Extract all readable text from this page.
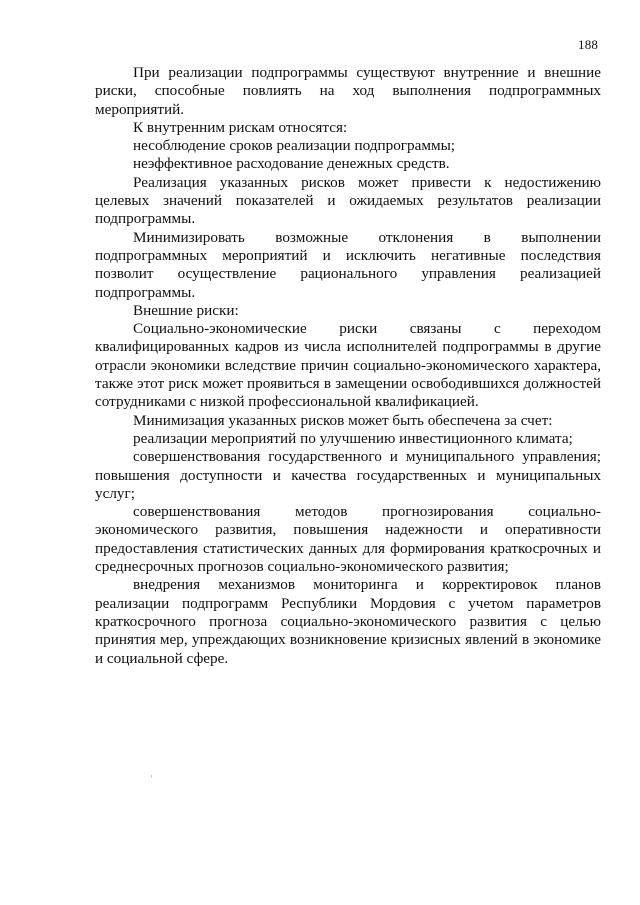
188

При реализации подпрограммы существуют внутренние и внешние риски, способные повлиять на ход выполнения подпрограммных мероприятий.

К внутренним рискам относятся:

несоблюдение сроков реализации подпрограммы;

неэффективное расходование денежных средств.

Реализация указанных рисков может привести к недостижению целевых значений показателей и ожидаемых результатов реализации подпрограммы.

Минимизировать возможные отклонения в выполнении подпрограммных мероприятий и исключить негативные последствия позволит осуществление рационального управления реализацией подпрограммы.

Внешние риски:

Социально-экономические риски связаны с переходом квалифицированных кадров из числа исполнителей подпрограммы в другие отрасли экономики вследствие причин социально-экономического характера, также этот риск может проявиться в замещении освободившихся должностей сотрудниками с низкой профессиональной квалификацией.

Минимизация указанных рисков может быть обеспечена за счет:

реализации мероприятий по улучшению инвестиционного климата;

совершенствования государственного и муниципального управления; повышения доступности и качества государственных и муниципальных услуг;

совершенствования методов прогнозирования социально-экономического развития, повышения надежности и оперативности предоставления статистических данных для формирования краткосрочных и среднесрочных прогнозов социально-экономического развития;

внедрения механизмов мониторинга и корректировок планов реализации подпрограмм Республики Мордовия с учетом параметров краткосрочного прогноза социально-экономического развития с целью принятия мер, упреждающих возникновение кризисных явлений в экономике и социальной сфере.
